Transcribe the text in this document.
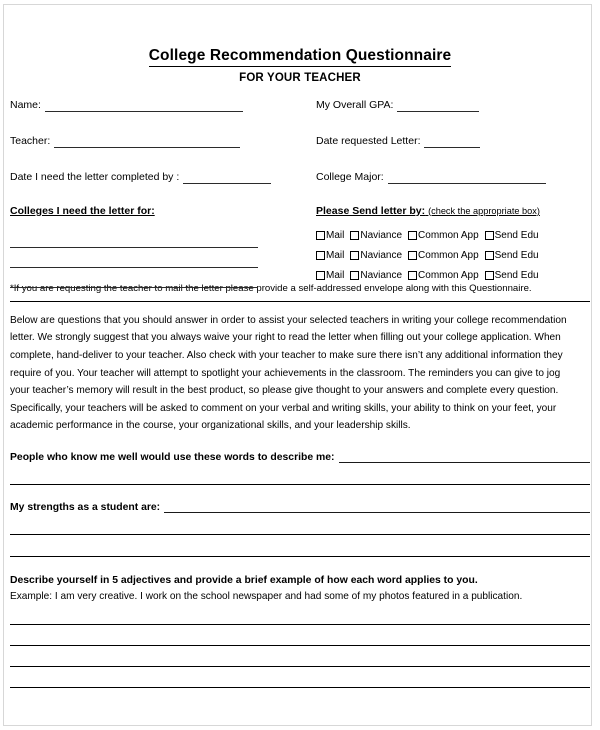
College Recommendation Questionnaire
FOR YOUR TEACHER
Name:
Teacher:
Date I need the letter completed by :
Colleges I need the letter for:
My Overall GPA:
Date requested Letter:
College Major:
Please Send letter by: (check the appropriate box)
Mail Naviance Common App Send Edu
Mail Naviance Common App Send Edu
Mail Naviance Common App Send Edu
*If you are requesting the teacher to mail the letter please provide a self-addressed envelope along with this Questionnaire.
Below are questions that you should answer in order to assist your selected teachers in writing your college recommendation letter. We strongly suggest that you always waive your right to read the letter when filling out your college application. When complete, hand-deliver to your teacher. Also check with your teacher to make sure there isn’t any additional information they require of you. Your teacher will attempt to spotlight your achievements in the classroom. The reminders you can give to jog your teacher’s memory will result in the best product, so please give thought to your answers and complete every question. Specifically, your teachers will be asked to comment on your verbal and writing skills, your ability to think on your feet, your academic performance in the course, your organizational skills, and your leadership skills.
People who know me well would use these words to describe me:
My strengths as a student are:
Describe yourself in 5 adjectives and provide a brief example of how each word applies to you.
Example: I am very creative. I work on the school newspaper and had some of my photos featured in a publication.
